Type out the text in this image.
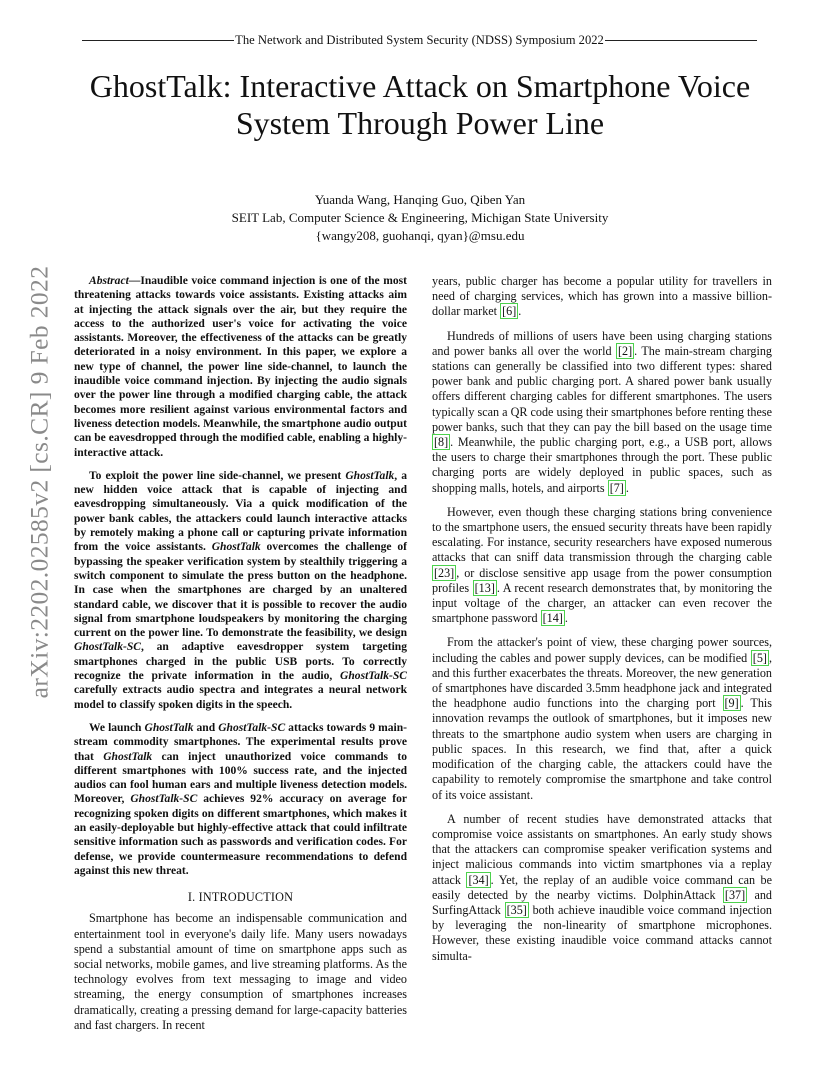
The Network and Distributed System Security (NDSS) Symposium 2022
GhostTalk: Interactive Attack on Smartphone Voice
System Through Power Line
Yuanda Wang, Hanqing Guo, Qiben Yan
SEIT Lab, Computer Science & Engineering, Michigan State University
{wangy208, guohanqi, qyan}@msu.edu
arXiv:2202.02585v2 [cs.CR] 9 Feb 2022	Abstract—Inaudible voice command injection is one of the most threatening attacks towards voice assistants. Existing attacks aim at injecting the attack signals over the air, but they require the access to the authorized user's voice for activating the voice assistants. Moreover, the effectiveness of the attacks can be greatly deteriorated in a noisy environment. In this paper, we explore a new type of channel, the power line side-channel, to launch the inaudible voice command injection. By injecting the audio signals over the power line through a modified charging cable, the attack becomes more resilient against various environmental factors and liveness detection models. Meanwhile, the smartphone audio output can be eavesdropped through the modified cable, enabling a highly-interactive attack.

To exploit the power line side-channel, we present GhostTalk, a new hidden voice attack that is capable of injecting and eavesdropping simultaneously. Via a quick modification of the power bank cables, the attackers could launch interactive attacks by remotely making a phone call or capturing private information from the voice assistants. GhostTalk overcomes the challenge of bypassing the speaker verification system by stealthily triggering a switch component to simulate the press button on the headphone. In case when the smartphones are charged by an unaltered standard cable, we discover that it is possible to recover the audio signal from smartphone loudspeakers by monitoring the charging current on the power line. To demonstrate the feasibility, we design GhostTalk-SC, an adaptive eavesdropper system targeting smartphones charged in the public USB ports. To correctly recognize the private information in the audio, GhostTalk-SC carefully extracts audio spectra and integrates a neural network model to classify spoken digits in the speech.

We launch GhostTalk and GhostTalk-SC attacks towards 9 main-stream commodity smartphones. The experimental results prove that GhostTalk can inject unauthorized voice commands to different smartphones with 100% success rate, and the injected audios can fool human ears and multiple liveness detection models. Moreover, GhostTalk-SC achieves 92% accuracy on average for recognizing spoken digits on different smartphones, which makes it an easily-deployable but highly-effective attack that could infiltrate sensitive information such as passwords and verification codes. For defense, we provide countermeasure recommendations to defend against this new threat.

I. INTRODUCTION

Smartphone has become an indispensable communication and entertainment tool in everyone's daily life. Many users nowadays spend a substantial amount of time on smartphone apps such as social networks, mobile games, and live streaming platforms. As the technology evolves from text messaging to image and video streaming, the energy consumption of smartphones increases dramatically, creating a pressing demand for large-capacity batteries and fast chargers. In recent

years, public charger has become a popular utility for travellers in need of charging services, which has grown into a massive billion-dollar market [6] .

Hundreds of millions of users have been using charging stations and power banks all over the world [2] . The main-stream charging stations can generally be classified into two different types: shared power bank and public charging port. A shared power bank usually offers different charging cables for different smartphones. The users typically scan a QR code using their smartphones before renting these power banks, such that they can pay the bill based on the usage time [8] . Meanwhile, the public charging port, e.g., a USB port, allows the users to charge their smartphones through the port. These public charging ports are widely deployed in public spaces, such as shopping malls, hotels, and airports [7] .

However, even though these charging stations bring convenience to the smartphone users, the ensued security threats have been rapidly escalating. For instance, security researchers have exposed numerous attacks that can sniff data transmission through the charging cable [23] , or disclose sensitive app usage from the power consumption profiles [13] . A recent research demonstrates that, by monitoring the input voltage of the charger, an attacker can even recover the smartphone password [14] .

From the attacker's point of view, these charging power sources, including the cables and power supply devices, can be modified [5] , and this further exacerbates the threats. Moreover, the new generation of smartphones have discarded 3.5mm headphone jack and integrated the headphone audio functions into the charging port [9] . This innovation revamps the outlook of smartphones, but it imposes new threats to the smartphone audio system when users are charging in public spaces. In this research, we find that, after a quick modification of the charging cable, the attackers could have the capability to remotely compromise the smartphone and take control of its voice assistant.

A number of recent studies have demonstrated attacks that compromise voice assistants on smartphones. An early study shows that the attackers can compromise speaker verification systems and inject malicious commands into victim smartphones via a replay attack [34] . Yet, the replay of an audible voice command can be easily detected by the nearby victims. DolphinAttack [37] and SurfingAttack [35] both achieve inaudible voice command injection by leveraging the non-linearity of smartphone microphones. However, these existing inaudible voice command attacks cannot simulta-
